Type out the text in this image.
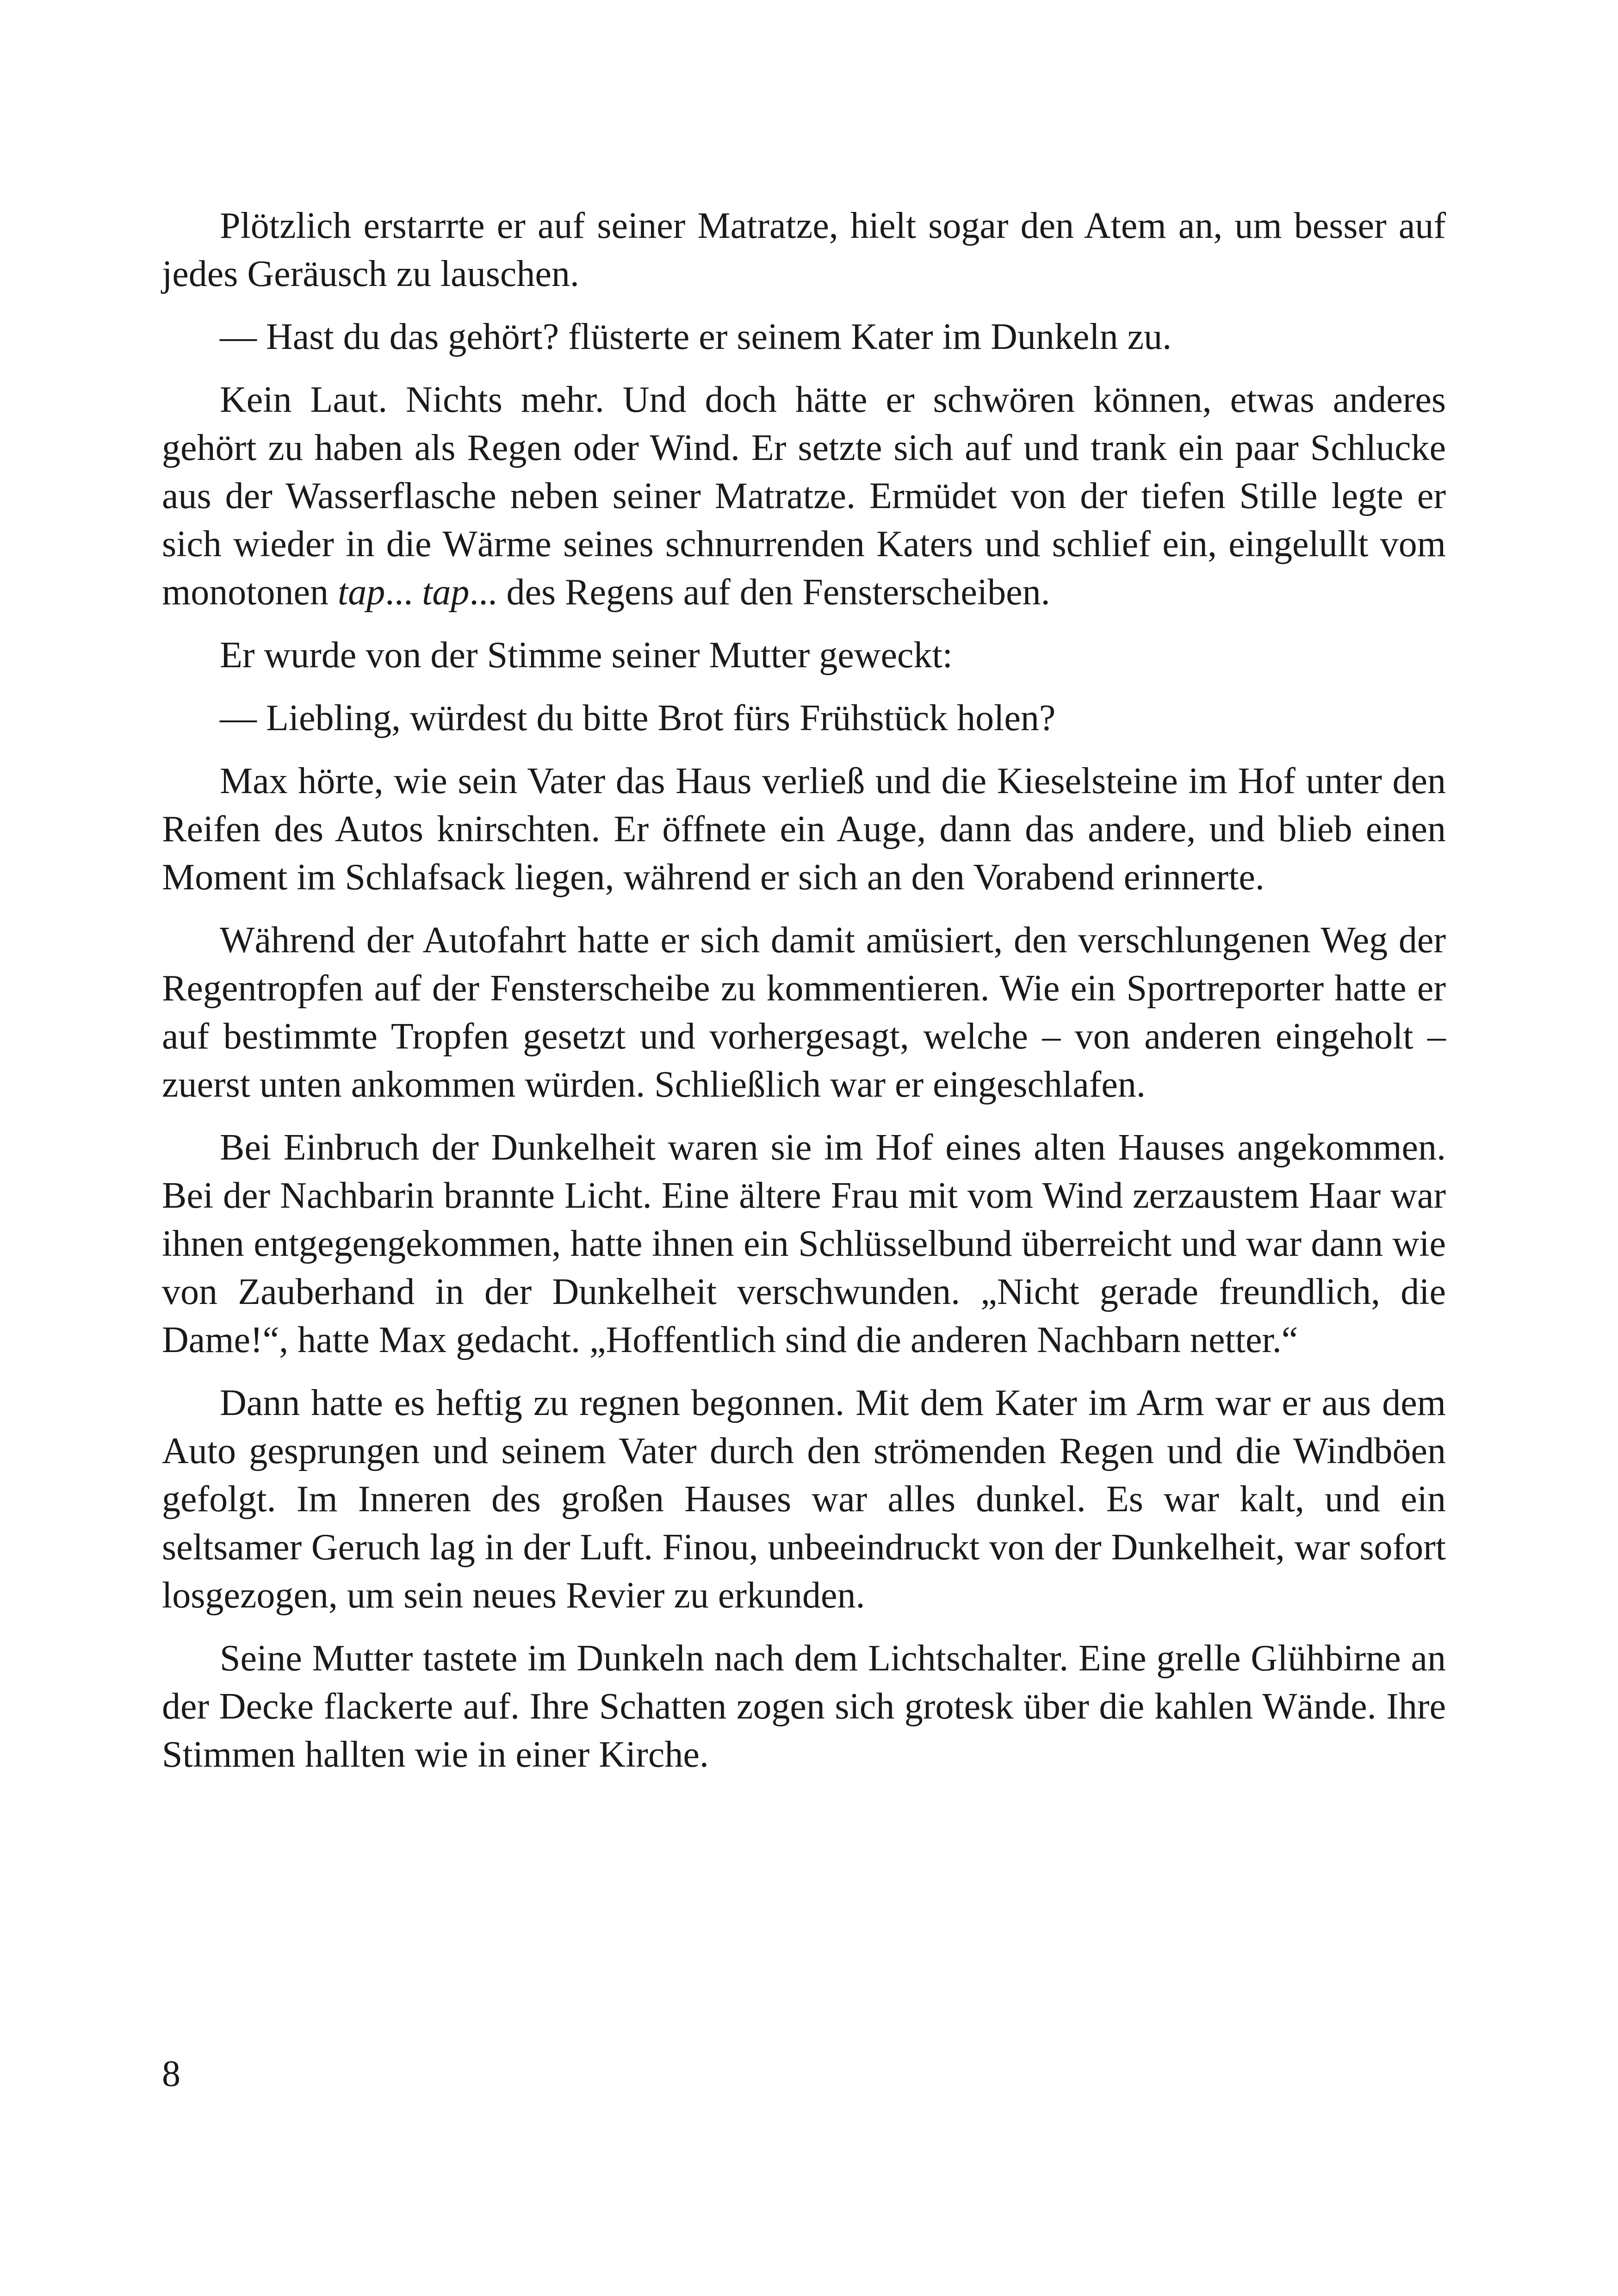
Plötzlich erstarrte er auf seiner Matratze, hielt sogar den Atem an, um besser auf jedes Geräusch zu lauschen.

— Hast du das gehört? flüsterte er seinem Kater im Dunkeln zu.

Kein Laut. Nichts mehr. Und doch hätte er schwören können, etwas anderes gehört zu haben als Regen oder Wind. Er setzte sich auf und trank ein paar Schlucke aus der Wasserflasche neben seiner Matratze. Ermüdet von der tiefen Stille legte er sich wieder in die Wärme seines schnurrenden Katers und schlief ein, eingelullt vom monotonen tap... tap... des Regens auf den Fensterscheiben.

Er wurde von der Stimme seiner Mutter geweckt:

— Liebling, würdest du bitte Brot fürs Frühstück holen?

Max hörte, wie sein Vater das Haus verließ und die Kieselsteine im Hof unter den Reifen des Autos knirschten. Er öffnete ein Auge, dann das andere, und blieb einen Moment im Schlafsack liegen, während er sich an den Vorabend erinnerte.

Während der Autofahrt hatte er sich damit amüsiert, den verschlungenen Weg der Regentropfen auf der Fensterscheibe zu kommentieren. Wie ein Sportreporter hatte er auf bestimmte Tropfen gesetzt und vorhergesagt, welche – von anderen eingeholt – zuerst unten ankommen würden. Schließlich war er eingeschlafen.

Bei Einbruch der Dunkelheit waren sie im Hof eines alten Hauses angekommen. Bei der Nachbarin brannte Licht. Eine ältere Frau mit vom Wind zerzaustem Haar war ihnen entgegengekommen, hatte ihnen ein Schlüsselbund überreicht und war dann wie von Zauberhand in der Dunkelheit verschwunden. „Nicht gerade freundlich, die Dame!“, hatte Max gedacht. „Hoffentlich sind die anderen Nachbarn netter.“

Dann hatte es heftig zu regnen begonnen. Mit dem Kater im Arm war er aus dem Auto gesprungen und seinem Vater durch den strömenden Regen und die Windböen gefolgt. Im Inneren des großen Hauses war alles dunkel. Es war kalt, und ein seltsamer Geruch lag in der Luft. Finou, unbeeindruckt von der Dunkelheit, war sofort losgezogen, um sein neues Revier zu erkunden.

Seine Mutter tastete im Dunkeln nach dem Lichtschalter. Eine grelle Glühbirne an der Decke flackerte auf. Ihre Schatten zogen sich grotesk über die kahlen Wände. Ihre Stimmen hallten wie in einer Kirche.

8
